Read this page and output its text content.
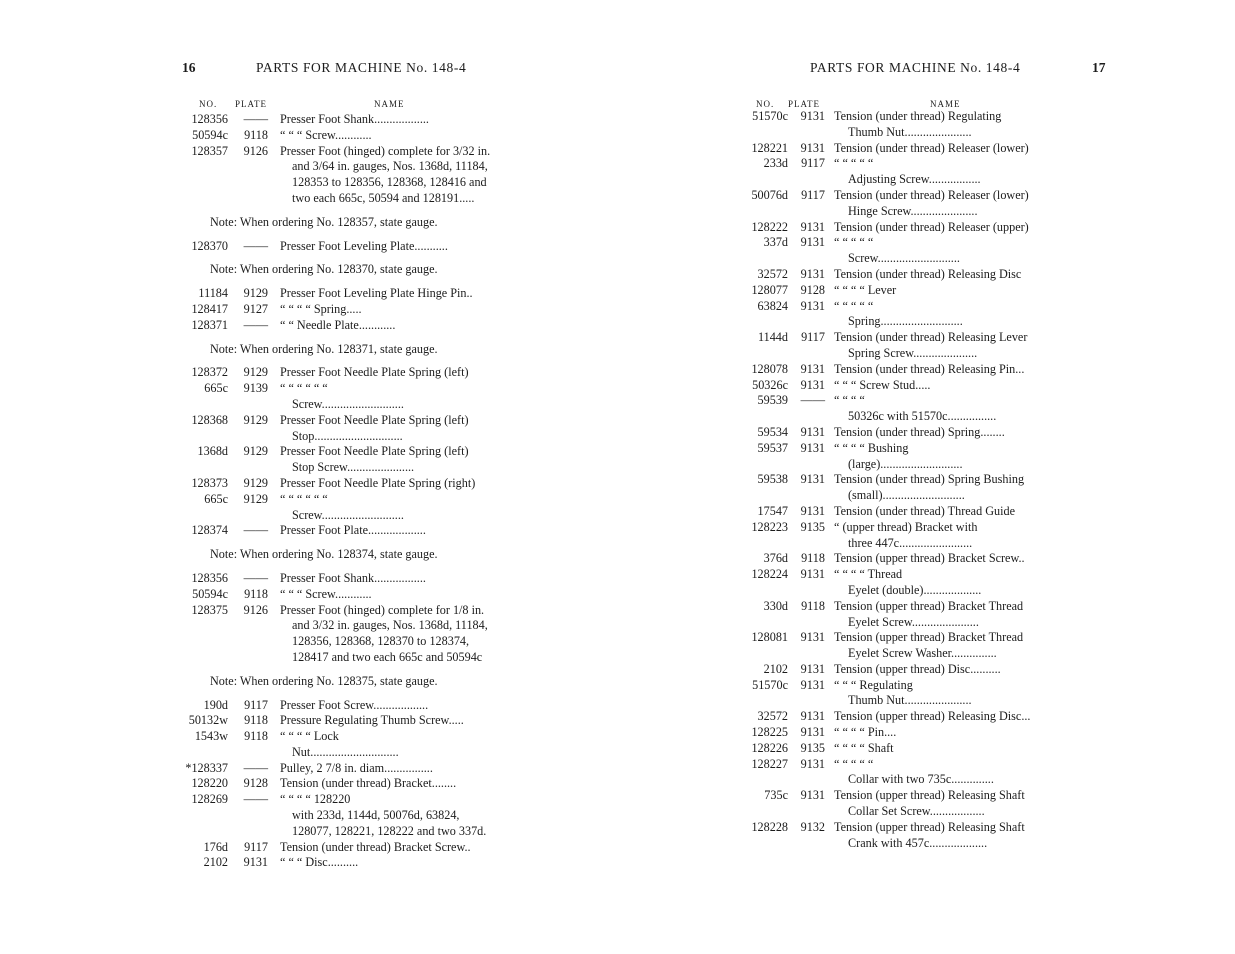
16	PARTS FOR MACHINE No. 148-4
NO. PLATE	NAME
128356	—— Presser Foot Shank..................
50594c	9118 “ “ “ Screw............
128357	9126 Presser Foot (hinged) complete for 3/32 in.
and 3/64 in. gauges, Nos. 1368d, 11184,
128353 to 128356, 128368, 128416 and
two each 665c, 50594 and 128191.....
Note: When ordering No. 128357, state gauge.
128370	—— Presser Foot Leveling Plate...........
Note: When ordering No. 128370, state gauge.
11184	9129 Presser Foot Leveling Plate Hinge Pin..
128417	9127 “ “ “ “ Spring.....
128371	—— “ “ Needle Plate............
Note: When ordering No. 128371, state gauge.
128372	9129 Presser Foot Needle Plate Spring (left)
665c	9139 “ “ “ “ “ “
Screw...........................
128368	9129 Presser Foot Needle Plate Spring (left)
Stop.............................
1368d	9129 Presser Foot Needle Plate Spring (left)
Stop Screw......................
128373	9129 Presser Foot Needle Plate Spring (right)
665c	9129 “ “ “ “ “ “
Screw...........................
128374	—— Presser Foot Plate...................
Note: When ordering No. 128374, state gauge.
128356	—— Presser Foot Shank.................
50594c	9118 “ “ “ Screw............
128375	9126 Presser Foot (hinged) complete for 1/8 in.
and 3/32 in. gauges, Nos. 1368d, 11184,
128356, 128368, 128370 to 128374,
128417 and two each 665c and 50594c
Note: When ordering No. 128375, state gauge.
190d	9117 Presser Foot Screw..................
50132w	9118 Pressure Regulating Thumb Screw.....
1543w	9118 “ “ “ “ Lock
Nut.............................
*128337	—— Pulley, 2 7/8 in. diam................
128220	9128 Tension (under thread) Bracket........
128269	—— “ “ “ “ 128220
with 233d, 1144d, 50076d, 63824,
128077, 128221, 128222 and two 337d.
176d	9117 Tension (under thread) Bracket Screw..
2102	9131 “ “ “ Disc..........
PARTS FOR MACHINE No. 148-4	17
NO. PLATE	NAME
51570c	9131 Tension (under thread) Regulating
Thumb Nut......................
128221	9131 Tension (under thread) Releaser (lower)
233d	9117 “ “ “ “ “
Adjusting Screw.................
50076d	9117 Tension (under thread) Releaser (lower)
Hinge Screw......................
128222	9131 Tension (under thread) Releaser (upper)
337d	9131 “ “ “ “ “
Screw...........................
32572	9131 Tension (under thread) Releasing Disc
128077	9128 “ “ “ “ Lever
63824	9131 “ “ “ “ “
Spring...........................
1144d	9117 Tension (under thread) Releasing Lever
Spring Screw.....................
128078	9131 Tension (under thread) Releasing Pin...
50326c	9131 “ “ “ Screw Stud.....
59539	—— “ “ “ “
50326c with 51570c................
59534	9131 Tension (under thread) Spring........
59537	9131 “ “ “ “ Bushing
(large)...........................
59538	9131 Tension (under thread) Spring Bushing
(small)...........................
17547	9131 Tension (under thread) Thread Guide
128223	9135 “ (upper thread) Bracket with
three 447c........................
376d	9118 Tension (upper thread) Bracket Screw..
128224	9131 “ “ “ “ Thread
Eyelet (double)...................
330d	9118 Tension (upper thread) Bracket Thread
Eyelet Screw......................
128081	9131 Tension (upper thread) Bracket Thread
Eyelet Screw Washer...............
2102	9131 Tension (upper thread) Disc..........
51570c	9131 “ “ “ Regulating
Thumb Nut......................
32572	9131 Tension (upper thread) Releasing Disc...
128225	9131 “ “ “ “ Pin....
128226	9135 “ “ “ “ Shaft
128227	9131 “ “ “ “ “
Collar with two 735c..............
735c	9131 Tension (upper thread) Releasing Shaft
Collar Set Screw..................
128228	9132 Tension (upper thread) Releasing Shaft
Crank with 457c...................
